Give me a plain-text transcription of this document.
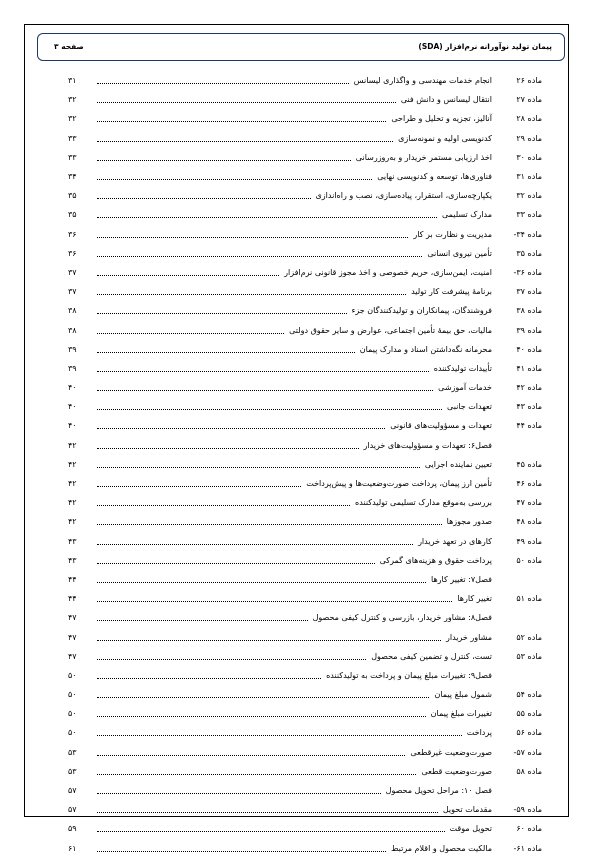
پیمان تولید نوآورانه نرم‌افزار (SDA)
صفحه ۳
ماده ۲۶
انجام خدمات مهندسی و واگذاری لیسانس
۳۱
ماده ۲۷
انتقال لیسانس و دانش فنی
۳۲
ماده ۲۸
آنالیز، تجزیه و تحلیل و طراحی
۳۲
ماده ۲۹
کدنویسی اولیه و نمونه‌سازی
۳۳
ماده ۳۰
اخذ ارزیابی مستمر خریدار و به‌روزرسانی
۳۳
ماده ۳۱
فناوری‌ها، توسعه و کدنویسی نهایی
۳۴
ماده ۳۲
یکپارچه‌سازی، استقرار، پیاده‌سازی، نصب و راه‌اندازی
۳۵
ماده ۳۳
مدارک تسلیمی
۳۵
ماده ۳۴-
مدیریت و نظارت بر کار
۳۶
ماده ۳۵
تأمین نیروی انسانی
۳۶
ماده ۳۶-
امنیت، ایمن‌سازی، حریم خصوصی و اخذ مجوز قانونی نرم‌افزار
۳۷
ماده ۳۷
برنامهٔ پیشرفت کار تولید
۳۷
ماده ۳۸
فروشندگان، پیمانکاران و تولیدکنندگان جزء
۳۸
ماده ۳۹
مالیات، حق بیمهٔ تأمین اجتماعی، عوارض و سایر حقوق دولتی
۳۸
ماده ۴۰
محرمانه نگه‌داشتن اسناد و مدارک پیمان
۳۹
ماده ۴۱
تأییدات تولیدکننده
۳۹
ماده ۴۲
خدمات آموزشی
۴۰
ماده ۴۳
تعهدات جانبی
۴۰
ماده ۴۴
تعهدات و مسؤولیت‌های قانونی
۴۰
فصل۶: تعهدات و مسؤولیت‌های خریدار
۴۲
ماده ۴۵
تعیین نماینده اجرایی
۴۲
ماده ۴۶
تأمین ارز پیمان، پرداخت صورت‌وضعیت‌ها و پیش‌پرداخت
۴۲
ماده ۴۷
بررسی به‌موقع مدارک تسلیمی تولیدکننده
۴۲
ماده ۴۸
صدور مجوزها
۴۲
ماده ۴۹
کارهای در تعهد خریدار
۴۳
ماده ۵۰
پرداخت حقوق و هزینه‌های گمرکی
۴۳
فصل۷: تغییر کارها
۴۴
ماده ۵۱
تغییر کارها
۴۴
فصل۸: مشاور خریدار، بازرسی و کنترل کیفی محصول
۴۷
ماده ۵۲
مشاور خریدار
۴۷
ماده ۵۳
تست، کنترل و تضمین کیفی محصول
۴۷
فصل۹: تغییرات مبلغ پیمان و پرداخت به تولیدکننده
۵۰
ماده ۵۴
شمول مبلغ پیمان
۵۰
ماده ۵۵
تغییرات مبلغ پیمان
۵۰
ماده ۵۶
پرداخت
۵۰
ماده ۵۷-
صورت‌وضعیت غیرقطعی
۵۳
ماده ۵۸
صورت‌وضعیت قطعی
۵۳
فصل ۱۰: مراحل تحویل محصول
۵۷
ماده ۵۹-
مقدمات تحویل
۵۷
ماده ۶۰
تحویل موقت
۵۹
ماده ۶۱-
مالکیت محصول و اقلام مرتبط
۶۱
